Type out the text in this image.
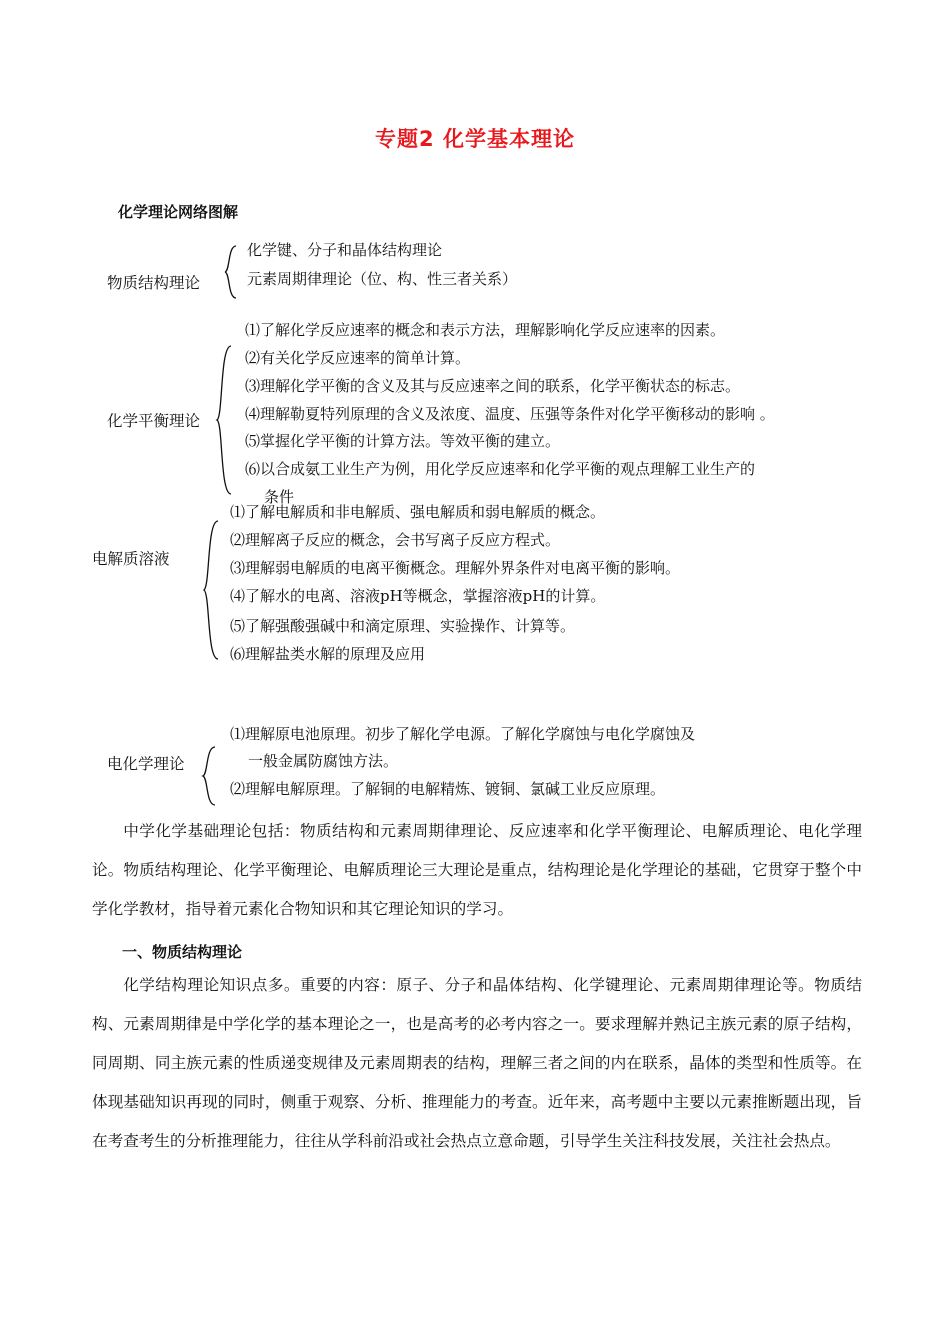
专题2 化学基本理论
化学理论网络图解
物质结构理论
化学键、分子和晶体结构理论
元素周期律理论（位、构、性三者关系）
化学平衡理论
⑴了解化学反应速率的概念和表示方法，理解影响化学反应速率的因素。
⑵有关化学反应速率的简单计算。
⑶理解化学平衡的含义及其与反应速率之间的联系，化学平衡状态的标志。
⑷理解勒夏特列原理的含义及浓度、温度、压强等条件对化学平衡移动的影响 。
⑸掌握化学平衡的计算方法。等效平衡的建立。
⑹以合成氨工业生产为例，用化学反应速率和化学平衡的观点理解工业生产的
条件
电解质溶液
⑴了解电解质和非电解质、强电解质和弱电解质的概念。
⑵理解离子反应的概念，会书写离子反应方程式。
⑶理解弱电解质的电离平衡概念。理解外界条件对电离平衡的影响。
⑷了解水的电离、溶液pH等概念，掌握溶液pH的计算。
⑸了解强酸强碱中和滴定原理、实验操作、计算等。
⑹理解盐类水解的原理及应用
电化学理论
⑴理解原电池原理。初步了解化学电源。了解化学腐蚀与电化学腐蚀及
一般金属防腐蚀方法。
⑵理解电解原理。了解铜的电解精炼、镀铜、氯碱工业反应原理。

中学化学基础理论包括：物质结构和元素周期律理论、反应速率和化学平衡理论、电解质理论、电化学理论。物质结构理论、化学平衡理论、电解质理论三大理论是重点，结构理论是化学理论的基础，它贯穿于整个中学化学教材，指导着元素化合物知识和其它理论知识的学习。

一、物质结构理论

化学结构理论知识点多。重要的内容：原子、分子和晶体结构、化学键理论、元素周期律理论等。物质结构、元素周期律是中学化学的基本理论之一，也是高考的必考内容之一。要求理解并熟记主族元素的原子结构，同周期、同主族元素的性质递变规律及元素周期表的结构，理解三者之间的内在联系，晶体的类型和性质等。在体现基础知识再现的同时，侧重于观察、分析、推理能力的考查。近年来，高考题中主要以元素推断题出现，旨在考查考生的分析推理能力，往往从学科前沿或社会热点立意命题，引导学生关注科技发展，关注社会热点。
